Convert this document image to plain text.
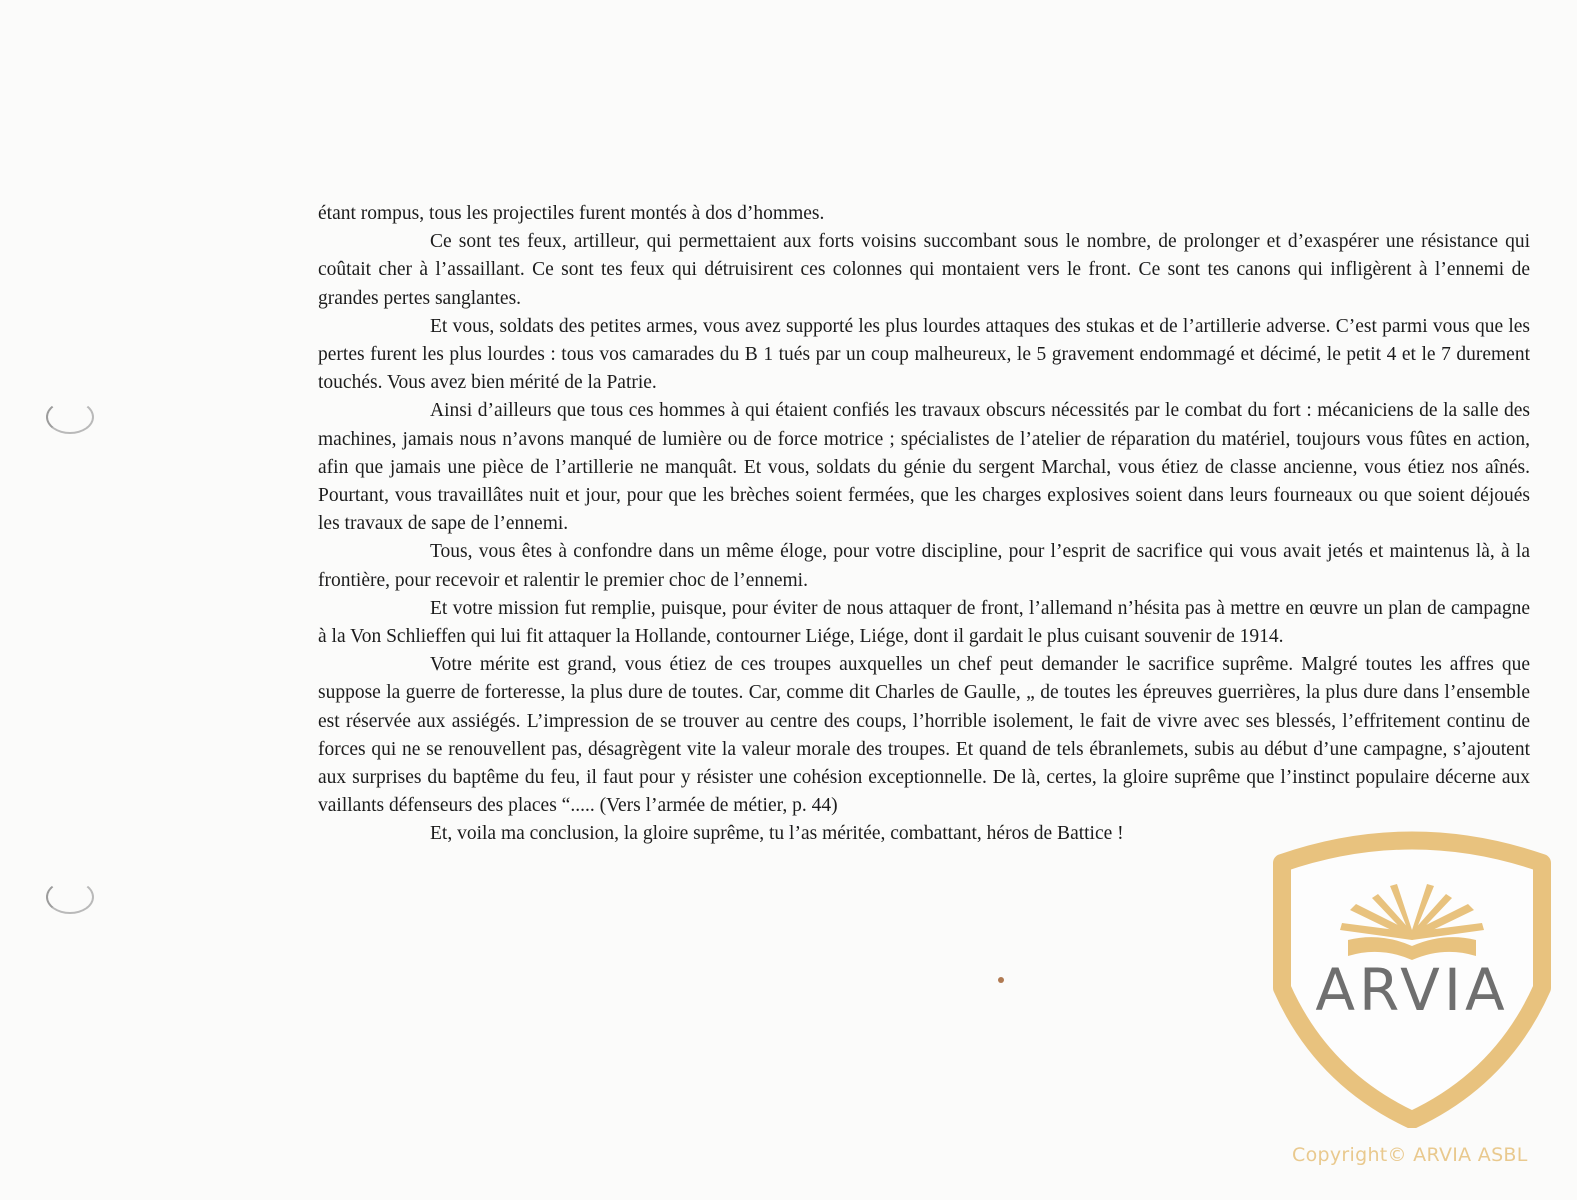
étant rompus, tous les projectiles furent montés à dos d’hommes.

Ce sont tes feux, artilleur, qui permettaient aux forts voisins succombant sous le nombre, de prolonger et d’exaspérer une résistance qui coûtait cher à l’assaillant. Ce sont tes feux qui détruisirent ces colonnes qui montaient vers le front. Ce sont tes canons qui infligèrent à l’ennemi de grandes pertes sanglantes.

Et vous, soldats des petites armes, vous avez supporté les plus lourdes attaques des stukas et de l’artillerie adverse. C’est parmi vous que les pertes furent les plus lourdes : tous vos camarades du B 1 tués par un coup malheureux, le 5 gravement endommagé et décimé, le petit 4 et le 7 durement touchés. Vous avez bien mérité de la Patrie.

Ainsi d’ailleurs que tous ces hommes à qui étaient confiés les travaux obscurs nécessités par le combat du fort : mécaniciens de la salle des machines, jamais nous n’avons manqué de lumière ou de force motrice ; spécialistes de l’atelier de réparation du matériel, toujours vous fûtes en action, afin que jamais une pièce de l’artillerie ne manquât. Et vous, soldats du génie du sergent Marchal, vous étiez de classe ancienne, vous étiez nos aînés. Pourtant, vous travaillâtes nuit et jour, pour que les brèches soient fermées, que les charges explosives soient dans leurs fourneaux ou que soient déjoués les travaux de sape de l’ennemi.

Tous, vous êtes à confondre dans un même éloge, pour votre discipline, pour l’esprit de sacrifice qui vous avait jetés et maintenus là, à la frontière, pour recevoir et ralentir le premier choc de l’ennemi.

Et votre mission fut remplie, puisque, pour éviter de nous attaquer de front, l’allemand n’hésita pas à mettre en œuvre un plan de campagne à la Von Schlieffen qui lui fit attaquer la Hollande, contourner Liége, Liége, dont il gardait le plus cuisant souvenir de 1914.

Votre mérite est grand, vous étiez de ces troupes auxquelles un chef peut demander le sacrifice suprême. Malgré toutes les affres que suppose la guerre de forteresse, la plus dure de toutes. Car, comme dit Charles de Gaulle, „ de toutes les épreuves guerrières, la plus dure dans l’ensemble est réservée aux assiégés. L’impression de se trouver au centre des coups, l’horrible isolement, le fait de vivre avec ses blessés, l’effritement continu de forces qui ne se renouvellent pas, désagrègent vite la valeur morale des troupes. Et quand de tels ébranlemets, subis au début d’une campagne, s’ajoutent aux surprises du baptême du feu, il faut pour y résister une cohésion exceptionnelle. De là, certes, la gloire suprême que l’instinct populaire décerne aux vaillants défenseurs des places “..... (Vers l’armée de métier, p. 44)

Et, voila ma conclusion, la gloire suprême, tu l’as méritée, combattant, héros de Battice !

ARVIA
Copyright© ARVIA ASBL
